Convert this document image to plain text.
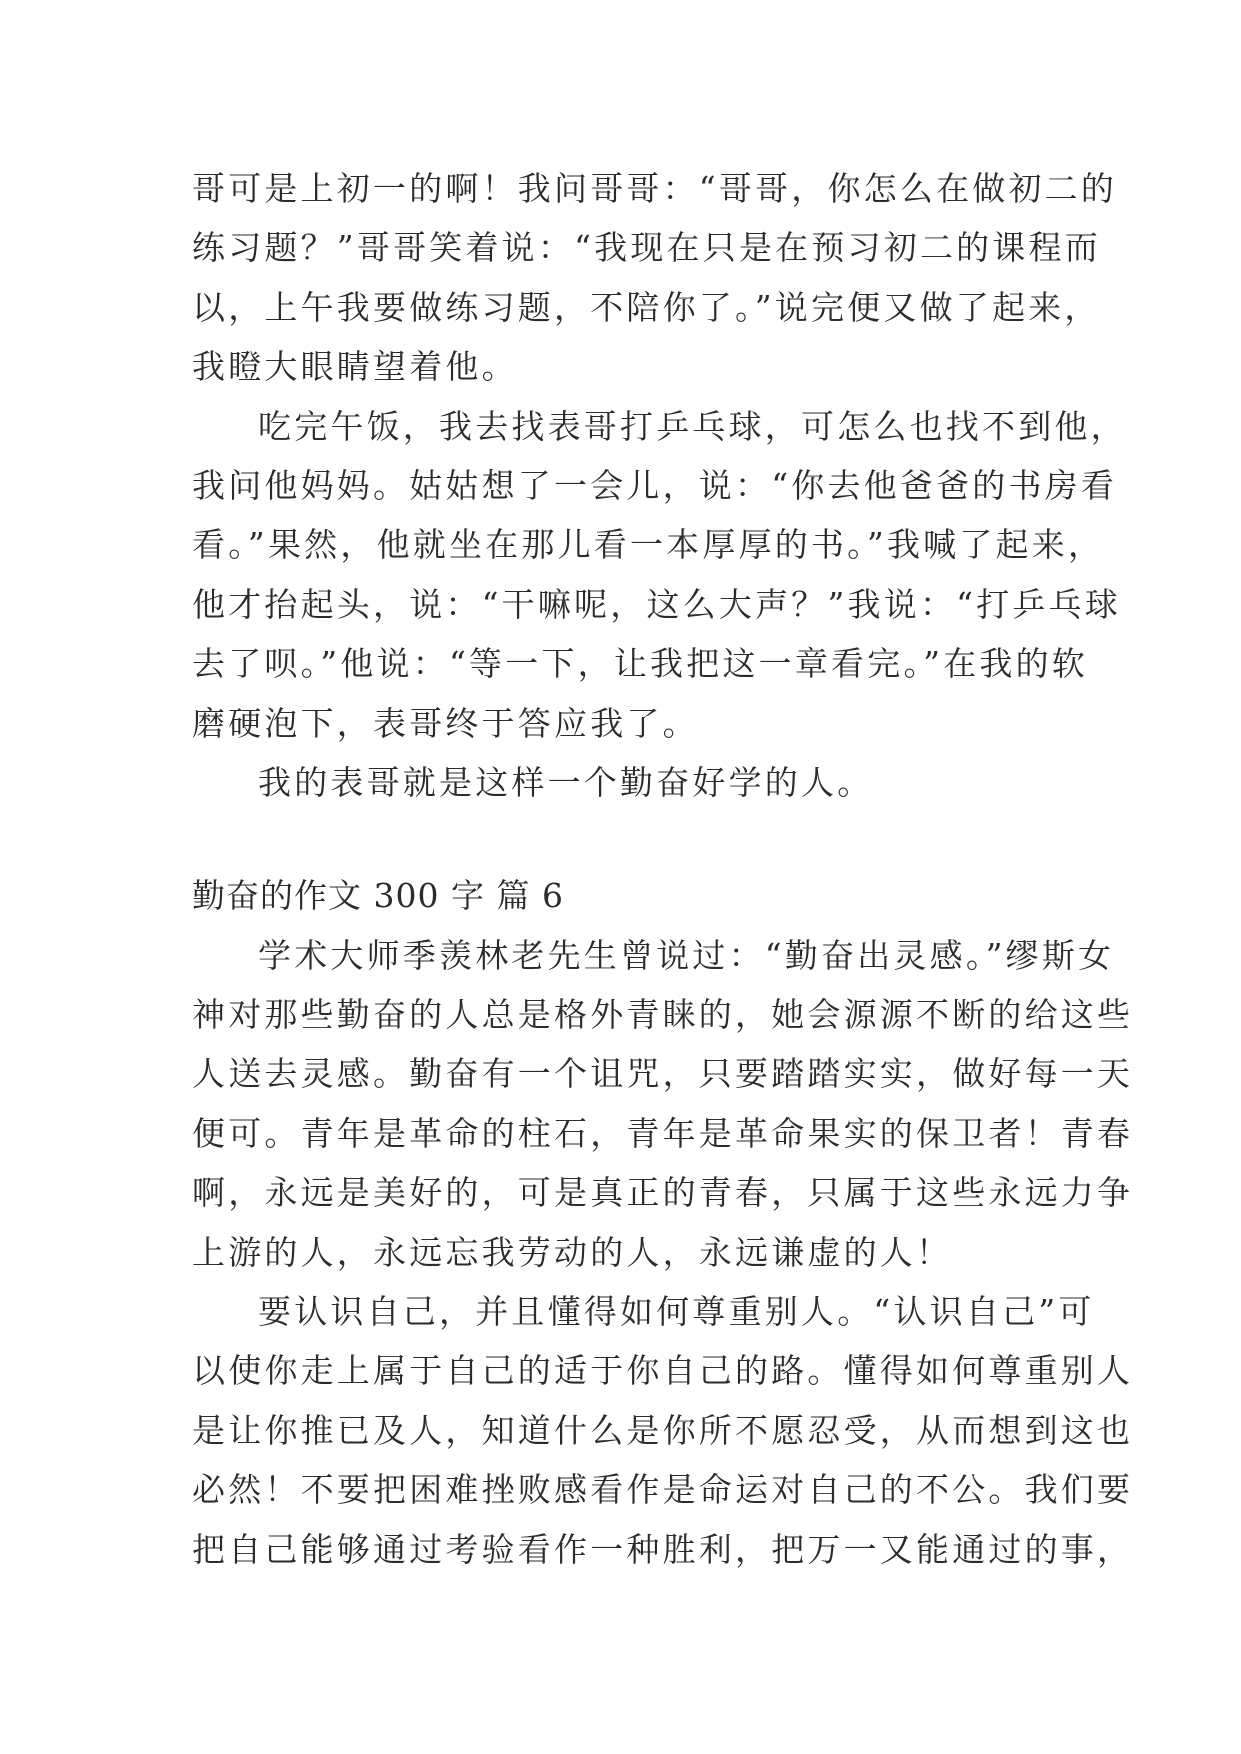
哥可是上初一的啊！我问哥哥：“哥哥，你怎么在做初二的
练习题？”哥哥笑着说：“我现在只是在预习初二的课程而
以，上午我要做练习题，不陪你了。”说完便又做了起来，
我瞪大眼睛望着他。
吃完午饭，我去找表哥打乒乓球，可怎么也找不到他，
我问他妈妈。姑姑想了一会儿，说：“你去他爸爸的书房看
看。”果然，他就坐在那儿看一本厚厚的书。”我喊了起来，
他才抬起头，说：“干嘛呢，这么大声？”我说：“打乒乓球
去了呗。”他说：“等一下，让我把这一章看完。”在我的软
磨硬泡下，表哥终于答应我了。
我的表哥就是这样一个勤奋好学的人。
勤奋的作文 300 字 篇 6
学术大师季羡林老先生曾说过：“勤奋出灵感。”缪斯女
神对那些勤奋的人总是格外青睐的，她会源源不断的给这些
人送去灵感。勤奋有一个诅咒，只要踏踏实实，做好每一天
便可。青年是革命的柱石，青年是革命果实的保卫者！青春
啊，永远是美好的，可是真正的青春，只属于这些永远力争
上游的人，永远忘我劳动的人，永远谦虚的人！
要认识自己，并且懂得如何尊重别人。“认识自己”可
以使你走上属于自己的适于你自己的路。懂得如何尊重别人
是让你推已及人，知道什么是你所不愿忍受，从而想到这也
必然！不要把困难挫败感看作是命运对自己的不公。我们要
把自己能够通过考验看作一种胜利，把万一又能通过的事，
